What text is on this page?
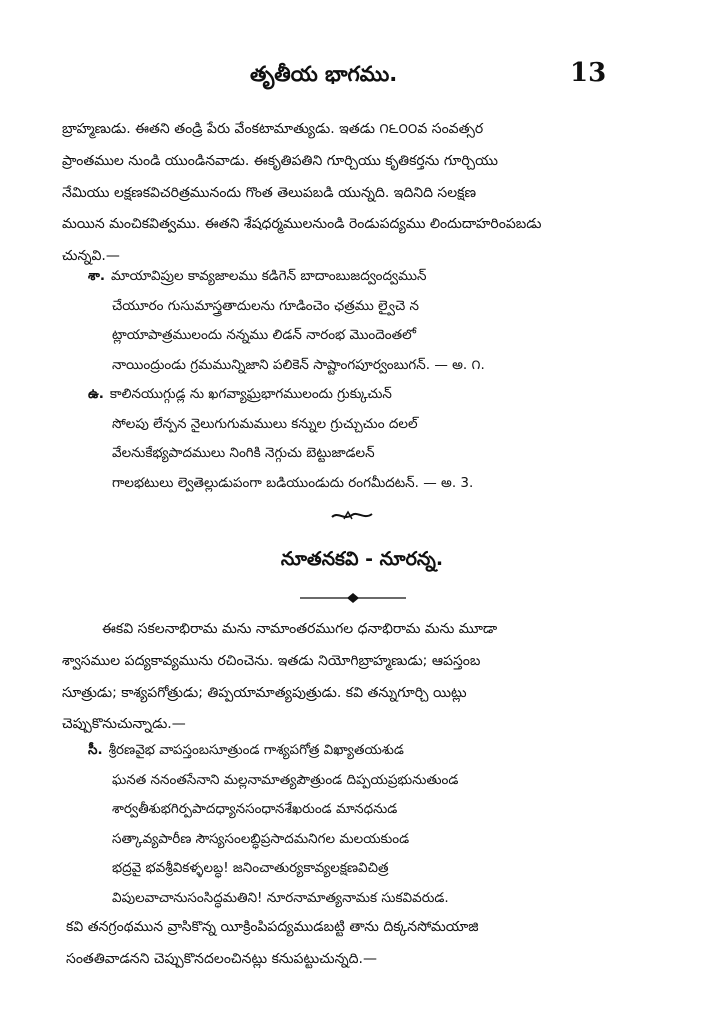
తృతీయ భాగము.	13

బ్రాహ్మణుడు. ఈతని తండ్రి పేరు వేంకటామాత్యుడు. ఇతడు ౧౬౦౦వ సంవత్సర
ప్రాంతముల నుండి యుండినవాడు. ఈకృతిపతిని గూర్చియు కృతికర్తను గూర్చియు
నేమియు లక్షణకవిచరిత్రమునందు గొంత తెలుపబడి యున్నది. ఇదినిది సలక్షణ
మయిన మంచికవిత్వము. ఈతని శేషధర్మములనుండి రెండుపద్యము లిందుదాహరింపబడు
చున్నవి.—

శా. మాయావిప్రుల కావ్యజాలము కడిగెన్ బాదాంబుజద్వంద్వమున్
చేయూరం గుసుమాస్త్రతాదులను గూడించెం ఛత్రము ల్వైచె న
ట్లాయాపాత్రములందు నన్నము లిడన్ నారంభ మొందెంతలో
నాయింద్రుండు గ్రమమున్నిజాని పలికెన్ సాష్టాంగపూర్వంబుగన్. — అ. ౧.
ఉ. కాలినయుగ్గుడ్ల ను ఖగవ్యాఘ్రభాగములందు గ్రుక్కుచున్
సోలపు లేన్పన నైలుగుగుమములు కన్నుల గ్రుచ్చుచుం దలల్
వేలనుకేభ్యపాదములు నింగికి నెగ్గుచు బెట్టుజాడలన్
గాలభటులు ల్వెతెల్లుడుపంగా బడియుండుదు రంగమీదటన్. — అ. 3.
నూతనకవి - నూరన్న.

ఈకవి సకలనాభిరామ మను నామాంతరముగల ధనాభిరామ మను మూడా
శ్వాసముల పద్యకావ్యమును రచించెను. ఇతడు నియోగిబ్రాహ్మణుడు; ఆపస్తంబ
సూత్రుడు; కాశ్యపగోత్రుడు; తిప్పయామాత్యపుత్రుడు. కవి తన్నుగూర్చి యిట్లు
చెప్పుకొనుచున్నాడు.—

సీ. శ్రీరణవైభ వాపస్తంబసూత్రుండ గాశ్యపగోత్ర విఖ్యాతయశుడ
ఘనత ననంతసేనాని మల్లనామాత్యపౌత్రుండ దిప్పయప్రభునుతుండ
శార్వతీశుభగిర్పపాదధ్యానసంధానశేఖరుండ మానధనుడ
సత్కావ్యపారీణ సౌస్యసంలబ్ధిప్రసాదమనిగల మలయకుండ
భద్రవై భవశ్రీవికళ్ళలబ్ధ! జనించాతుర్యకావ్యలక్షణవిచిత్ర
విపులవాచానుసంసిద్ధమతిని! నూరనామాత్యనామక సుకవివరుడ.

కవి తనగ్రంథమున వ్రాసికొన్న యీక్రింపిపద్యముడబట్టి తాను దిక్కనసోమయాజి
సంతతివాడనని చెప్పుకొనదలంచినట్లు కనుపట్టుచున్నది.—
